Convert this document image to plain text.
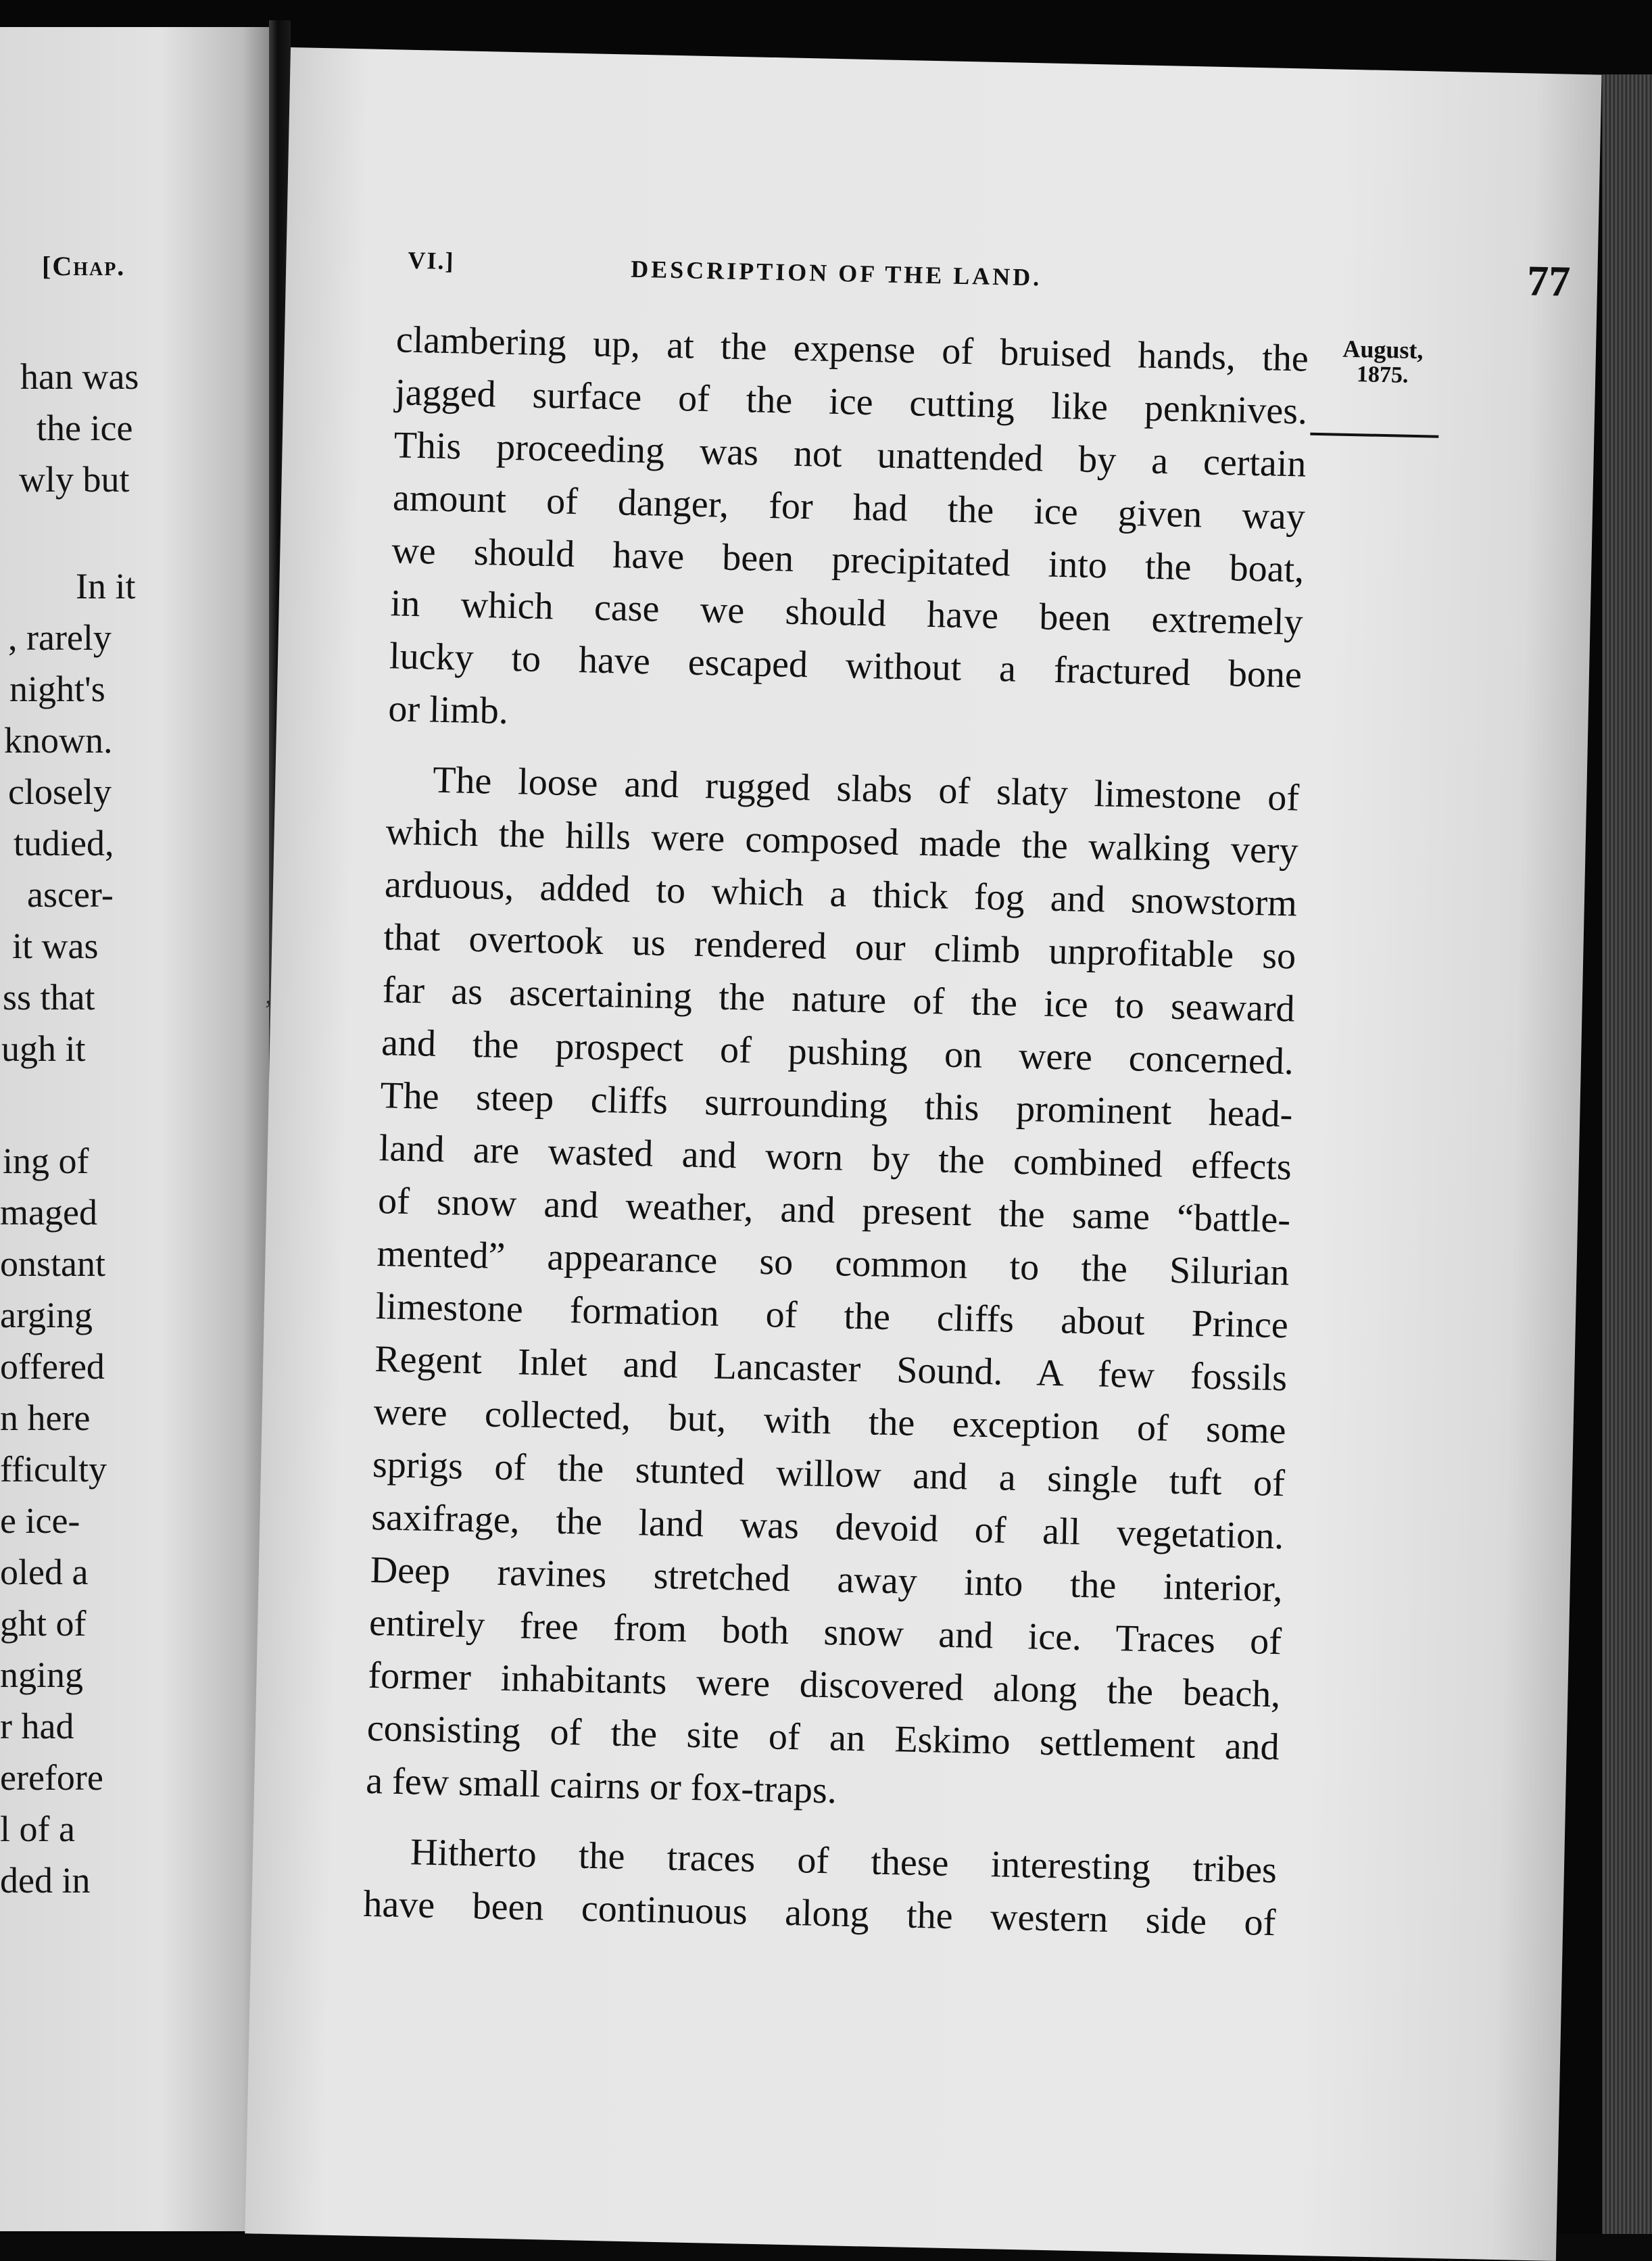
[Chap.
han was
the ice
wly but
In it
, rarely
night's
known.
closely
tudied,
ascer-
it was
ss that
ugh it
ing of
maged
onstant
arging
offered
n here
fficulty
e ice-
oled a
ght of
nging
r had
erefore
l of a
ded in
VI.]	DESCRIPTION OF THE LAND.	77
August,
1875.
clambering up, at the expense of bruised hands, the
jagged surface of the ice cutting like penknives.
This proceeding was not unattended by a certain
amount of danger, for had the ice given way
we should have been precipitated into the boat,
in which case we should have been extremely
lucky to have escaped without a fractured bone
or limb.
The loose and rugged slabs of slaty limestone of
which the hills were composed made the walking very
arduous, added to which a thick fog and snowstorm
that overtook us rendered our climb unprofitable so
far as ascertaining the nature of the ice to seaward
and the prospect of pushing on were concerned.
The steep cliffs surrounding this prominent head-
land are wasted and worn by the combined effects
of snow and weather, and present the same “battle-
mented” appearance so common to the Silurian
limestone formation of the cliffs about Prince
Regent Inlet and Lancaster Sound. A few fossils
were collected, but, with the exception of some
sprigs of the stunted willow and a single tuft of
saxifrage, the land was devoid of all vegetation.
Deep ravines stretched away into the interior,
entirely free from both snow and ice. Traces of
former inhabitants were discovered along the beach,
consisting of the site of an Eskimo settlement and
a few small cairns or fox-traps.
Hitherto the traces of these interesting tribes
have been continuous along the western side of
’
